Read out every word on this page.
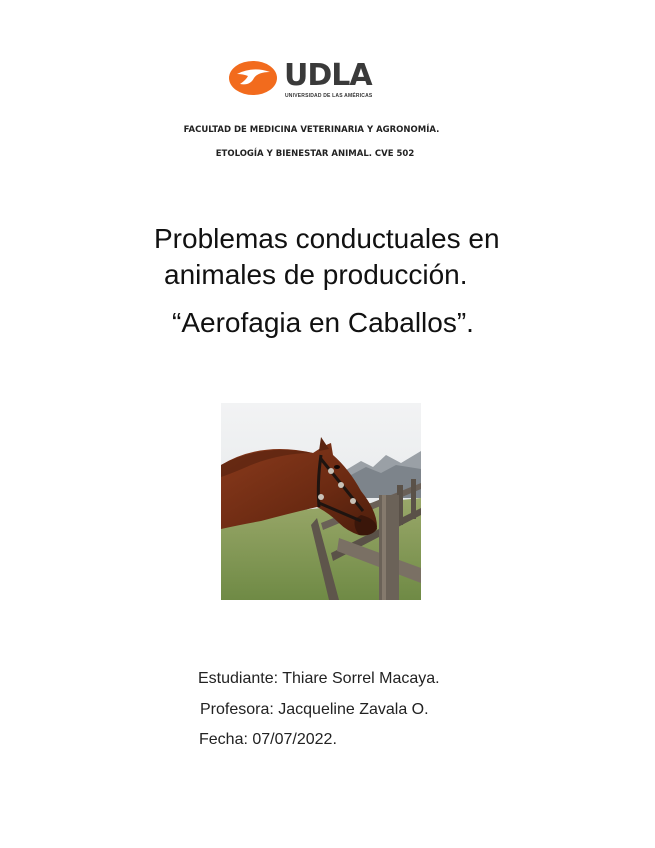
UDLA
UNIVERSIDAD DE LAS AMÉRICAS
FACULTAD DE MEDICINA VETERINARIA Y AGRONOMÍA.
ETOLOGÍA Y BIENESTAR ANIMAL. CVE 502
Problemas conductuales en
animales de producción.
“Aerofagia en Caballos”.
Estudiante: Thiare Sorrel Macaya.
Profesora: Jacqueline Zavala O.
Fecha: 07/07/2022.
